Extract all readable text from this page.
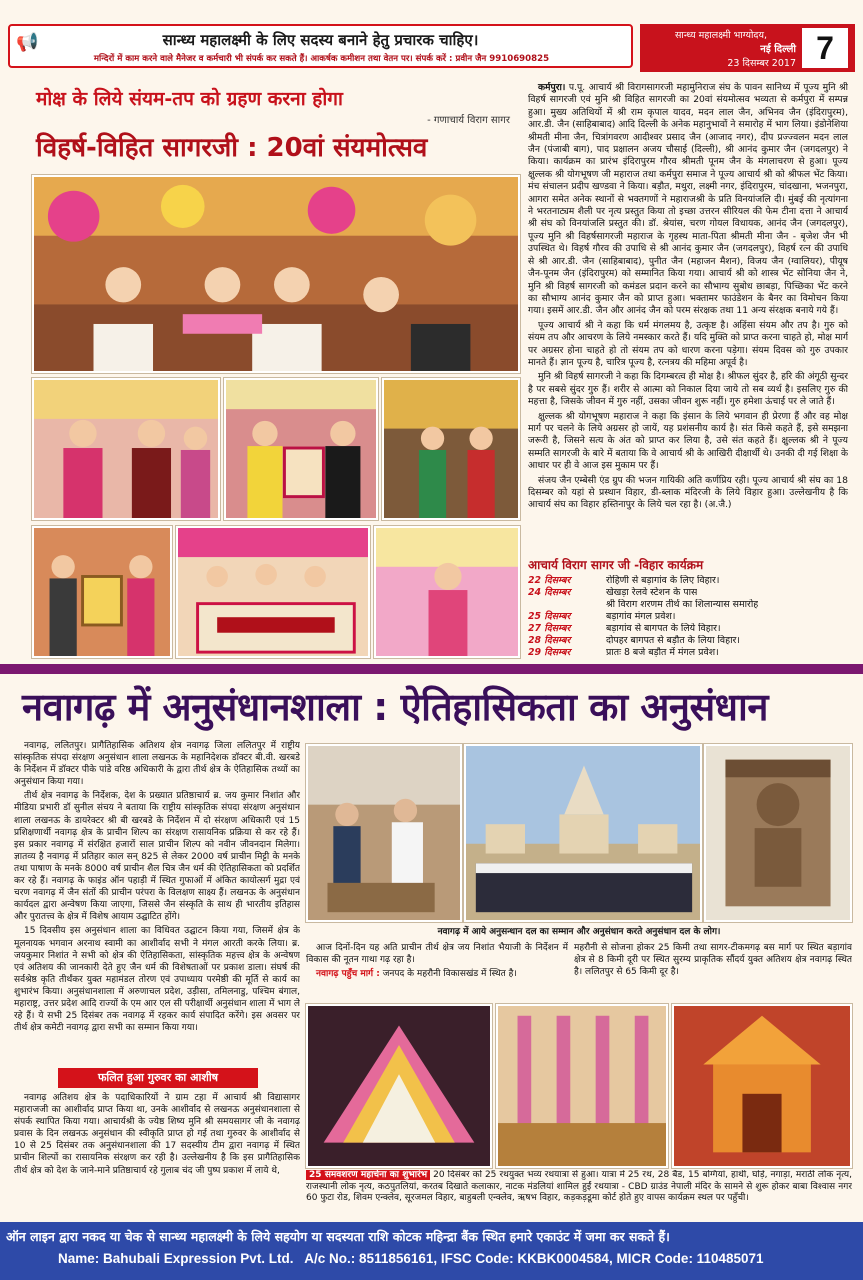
सान्ध्य महालक्ष्मी के लिए सदस्य बनाने हेतु प्रचारक चाहिए।
मन्दिरों में काम करने वाले मैनेजर व कर्मचारी भी संपर्क कर सकते हैं। आकर्षक कमीशन तथा वेतन पर। संपर्क करें : प्रवीन जैन 9910690825
📢	सान्ध्य महालक्ष्मी भाग्योदय,
नई दिल्ली
23 दिसम्बर 2017 7
मोक्ष के लिये संयम-तप को ग्रहण करना होगा
- गणाचार्य विराग सागर
विहर्ष-विहित सागरजी : 20वां संयमोत्सव

कर्मपुरा। प.पू. आचार्य श्री विरागसागरजी महामुनिराज संघ के पावन सानिध्य में पूज्य मुनि श्री विहर्ष सागरजी एवं मुनि श्री विहित सागरजी का 20वां संयमोत्सव भव्यता से कर्मपुरा में सम्पन्न हुआ। मुख्य अतिथियों में श्री राम कृपाल यादव, मदन लाल जैन, अभिनव जैन (इंदिरापुरम), आर.डी. जैन (साहिबाबाद) आदि दिल्ली के अनेक महानुभावों ने समारोह में भाग लिया। इंडोनेशिया श्रीमती मीना जैन, चित्रांगवरण आदीश्वर प्रसाद जैन (आजाद नगर), दीप प्रज्ज्वलन मदन लाल जैन (पंजाबी बाग), पाद प्रक्षालन अजय चौसाई (दिल्ली), श्री आनंद कुमार जैन (जगदलपुर) ने किया। कार्यक्रम का प्रारंभ इंदिरापुरम गौरव श्रीमती पूनम जैन के मंगलाचरण से हुआ। पूज्य क्षुल्लक श्री योगभूषण जी महाराज तथा कर्मपुरा समाज ने पूज्य आचार्य श्री को श्रीफल भेंट किया। मंच संचालन प्रदीप खण्डवा ने किया। बड़ौत, मथुरा, लक्ष्मी नगर, इंदिरापुरम, चांदखाना, भजनपुरा, आगरा समेत अनेक स्थानों से भक्तगणों ने महाराजश्री के प्रति विनयांजलि दी। मुंबई की नृत्यांगना ने भरतनाट्यम शैली पर नृत्य प्रस्तुत किया तो इच्छा उत्तरन सीरियल की फेम टीना दत्ता ने आचार्य श्री संघ को विनयांजलि प्रस्तुत की। डॉ. श्रेयांस, चरण गोयल विधायक, आनंद जैन (जगदलपुर), पूज्य मुनि श्री विहर्षसागरजी महाराज के गृहस्थ माता-पिता श्रीमती मीना जैन - बृजेश जैन भी उपस्थित थे। विहर्ष गौरव की उपाधि से श्री आनंद कुमार जैन (जगदलपुर), विहर्ष रत्न की उपाधि से श्री आर.डी. जैन (साहिबाबाद), पुनीत जैन (महाजन मैशन), विजय जैन (ग्वालियर), पीयूष जैन-पूनम जैन (इंदिरापुरम) को सम्मानित किया गया। आचार्य श्री को शास्त्र भेंट सोनिया जैन ने, मुनि श्री विहर्ष सागरजी को कमंडल प्रदान करने का सौभाग्य सुबोध छाबड़ा, पिच्छिका भेंट करने का सौभाग्य आनंद कुमार जैन को प्राप्त हुआ। भक्तामर फाउंडेशन के बैनर का विमोचन किया गया। इसमें आर.डी. जैन और आनंद जैन को परम संरक्षक तथा 11 अन्य संरक्षक बनाये गये हैं।

पूज्य आचार्य श्री ने कहा कि धर्म मंगलमय है, उत्कृष्ट है। अहिंसा संयम और तप है। गुरु को संयम तप और आचरण के लिये नमस्कार करते हैं। यदि मुक्ति को प्राप्त करना चाहते हो, मोक्ष मार्ग पर अग्रसर होना चाहते हो तो संयम तप को धारण करना पड़ेगा। संयम दिवस को गुरु उपकार मानते हैं। ज्ञान पूज्य है, चारित्र पूज्य है, रत्नत्रय की महिमा अपूर्व है।

मुनि श्री विहर्ष सागरजी ने कहा कि दिगम्बरत्व ही मोक्ष है। श्रीफल सुंदर है, हरि की अंगूठी सुन्दर है पर सबसे सुंदर गुरु हैं। शरीर से आत्मा को निकाल दिया जाये तो सब व्यर्थ है। इसलिए गुरु की महत्ता है, जिसके जीवन में गुरु नहीं, उसका जीवन शुरू नहीं। गुरु हमेशा ऊंचाई पर ले जाते हैं।

क्षुल्लक श्री योगभूषण महाराज ने कहा कि इंसान के लिये भगवान ही प्रेरणा हैं और वह मोक्ष मार्ग पर चलने के लिये अग्रसर हो जायें, यह प्रशंसनीय कार्य है। संत किसे कहते हैं, इसे समझना जरूरी है, जिसने सत्य के अंत को प्राप्त कर लिया है, उसे संत कहते हैं। क्षुल्लक श्री ने पूज्य सम्मति सागरजी के बारे में बताया कि वे आचार्य श्री के आखिरी दीक्षार्थी थे। उनकी दी गई शिक्षा के आधार पर ही वे आज इस मुकाम पर हैं।

संजय जैन एम्बेसी एंड ग्रुप की भजन गायिकी अति कर्णप्रिय रही। पूज्य आचार्य श्री संघ का 18 दिसम्बर को यहां से प्रस्थान विहार, डी-ब्लाक मंदिरजी के लिये विहार हुआ। उल्लेखनीय है कि आचार्य संघ का विहार हस्तिनापुर के लिये चल रहा है। (अ.जै.)

आचार्य विराग सागर जी -विहार कार्यक्रम
22 दिसम्बर	रोहिणी से बड़ागांव के लिए विहार।
24 दिसम्बर	खेखड़ा रेलवे स्टेशन के पास
श्री विराग शरणम तीर्थ का शिलान्यास समारोह
25 दिसम्बर	बड़ागांव मंगल प्रवेश।
27 दिसम्बर	बड़ागांव से बागपत के लिये विहार।
28 दिसम्बर	दोपहर बागपत से बड़ौत के लिया विहार।
29 दिसम्बर	प्रातः 8 बजे बड़ौत में मंगल प्रवेश।
नवागढ़ में अनुसंधानशाला : ऐतिहासिकता का अनुसंधान

नवागढ़, ललितपुर। प्रागैतिहासिक अतिशय क्षेत्र नवागढ़ जिला ललितपुर में राष्ट्रीय सांस्कृतिक संपदा संरक्षण अनुसंधान शाला लखनऊ के महानिदेशक डॉक्टर बी.वी. खरबडे के निर्देशन में डॉक्टर पीके पांडे वरिष्ठ अधिकारी के द्वारा तीर्थ क्षेत्र के ऐतिहासिक तथ्यों का अनुसंधान किया गया।

तीर्थ क्षेत्र नवागढ़ के निर्देशक, देश के प्रख्यात प्रतिष्ठाचार्य ब्र. जय कुमार निशांत और मीडिया प्रभारी डॉ सुनील संचय ने बताया कि राष्ट्रीय सांस्कृतिक संपदा संरक्षण अनुसंधान शाला लखनऊ के डायरेक्टर श्री बी खरबडे के निर्देशन में दो संरक्षण अधिकारी एवं 15 प्रशिक्षणार्थी नवागढ़ क्षेत्र के प्राचीन शिल्प का संरक्षण रासायनिक प्रक्रिया से कर रहे हैं। इस प्रकार नवागढ़ में संरक्षित हजारों साल प्राचीन शिल्प को नवीन जीवनदान मिलेगा। ज्ञातव्य है नवागढ़ में प्रतिहार काल सन् 825 से लेकर 2000 वर्ष प्राचीन मिट्टी के मनके तथा पाषाण के मनके 8000 वर्ष प्राचीन शैल चित्र जैन धर्म की ऐतिहासिकता को प्रदर्शित कर रहे हैं। नवागढ़ के फाइंड ऑन पहाड़ी में स्थित गुफाओं में अंकित कायोत्सर्ग मुद्रा एवं चरण नवागढ़ में जैन संतों की प्राचीन परंपरा के विलक्षण साक्ष्य हैं। लखनऊ के अनुसंधान कार्यदल द्वारा अन्वेषण किया जाएगा, जिससे जैन संस्कृति के साथ ही भारतीय इतिहास और पुरातत्त्व के क्षेत्र में विशेष आयाम उद्घाटित होंगे।

15 दिवसीय इस अनुसंधान शाला का विधिवत उद्घाटन किया गया, जिसमें क्षेत्र के मूलनायक भगवान अरनाथ स्वामी का आशीर्वाद सभी ने मंगल आरती करके लिया। ब्र. जयकुमार निशांत ने सभी को क्षेत्र की ऐतिहासिकता, सांस्कृतिक महत्त्व क्षेत्र के अन्वेषण एवं अतिशय की जानकारी देते हुए जैन धर्म की विशेषताओं पर प्रकाश डाला। संघर्ष की सर्वश्रेष्ठ कृति तीर्थंकर युक्त महामंडल तोरण एवं उपाध्याय परमेष्ठी की मूर्ति से कार्य का शुभारंभ किया। अनुसंधानशाला में अरुणाचल प्रदेश, उड़ीसा, तमिलनाडु, पश्चिम बंगाल, महाराष्ट्र, उत्तर प्रदेश आदि राज्यों के एम आर एल सी परीक्षार्थी अनुसंधान शाला में भाग ले रहे हैं। ये सभी 25 दिसंबर तक नवागढ़ में रहकर कार्य संपादित करेंगे। इस अवसर पर तीर्थ क्षेत्र कमेटी नवागढ़ द्वारा सभी का सम्मान किया गया।

फलित हुआ गुरुवर का आशीष
नवागढ़ अतिशय क्षेत्र के पदाधिकारियों ने ग्राम टहा में आचार्य श्री विद्यासागर महाराजजी का आशीर्वाद प्राप्त किया था, उनके आशीर्वाद से लखनऊ अनुसंधानशाला से संपर्क स्थापित किया गया। आचार्यश्री के ज्येष्ठ शिष्य मुनि श्री समयसागर जी के नवागढ़ प्रवास के दिन लखनऊ अनुसंधान की स्वीकृति प्राप्त हो गई तथा गुरुवर के आशीर्वाद से 10 से 25 दिसंबर तक अनुसंधानशाला की 17 सदस्यीय टीम द्वारा नवागढ़ में स्थित प्राचीन शिल्पों का रासायनिक संरक्षण कर रही है। उल्लेखनीय है कि इस प्रागैतिहासिक तीर्थ क्षेत्र को देश के जाने-माने प्रतिष्ठाचार्य रहे गुलाब चंद जी पुष्प प्रकाश में लाये थे,
नवागढ़ में आये अनुसन्धान दल का सम्मान और अनुसंधान करते अनुसंधान दल के लोग।

आज दिनों-दिन यह अति प्राचीन तीर्थ क्षेत्र जय निशांत भैयाजी के निर्देशन में विकास की नूतन गाथा गढ़ रहा है।

नवागढ़ पहुँच मार्ग : जनपद के महरौनी विकासखंड में स्थित है।

महरौनी से सोजना होकर 25 किमी तथा सागर-टीकमगढ़ बस मार्ग पर स्थित बड़ागांव क्षेत्र से 8 किमी दूरी पर स्थित सुरम्य प्राकृतिक सौंदर्य युक्त अतिशय क्षेत्र नवागढ़ स्थित है। ललितपुर से 65 किमी दूर है।
25 समवशरण महार्चना का शुभारंभ 20 दिसंबर को 25 रथयुक्त भव्य रथयात्रा से हुआ। यात्रा में 25 रथ, 28 बैंड, 15 बग्गियां, हाथी, घोड़े, नगाड़ा, मराठी लोक नृत्य, राजस्थानी लोक नृत्य, कठपुतलियां, करतब दिखाते कलाकार, नाटक मंडलियां शामिल हुईं रथयात्रा - CBD ग्राउंड नेपाली मंदिर के सामने से शुरू होकर बाबा विश्वास नगर 60 फुटा रोड, शिवम एन्क्लेव, सूरजमल विहार, बाहुबली एन्क्लेव, ऋषभ विहार, कड़कड़डूमा कोर्ट होते हुए वापस कार्यक्रम स्थल पर पहुँची।
ऑन लाइन द्वारा नकद या चेक से सान्ध्य महालक्ष्मी के लिये सहयोग या सदस्यता राशि कोटक महिन्द्रा बैंक स्थित हमारे एकाउंट में जमा कर सकते हैं।
Name: Bahubali Expression Pvt. Ltd.   A/c No.: 8511856161, IFSC Code: KKBK0004584, MICR Code: 110485071
